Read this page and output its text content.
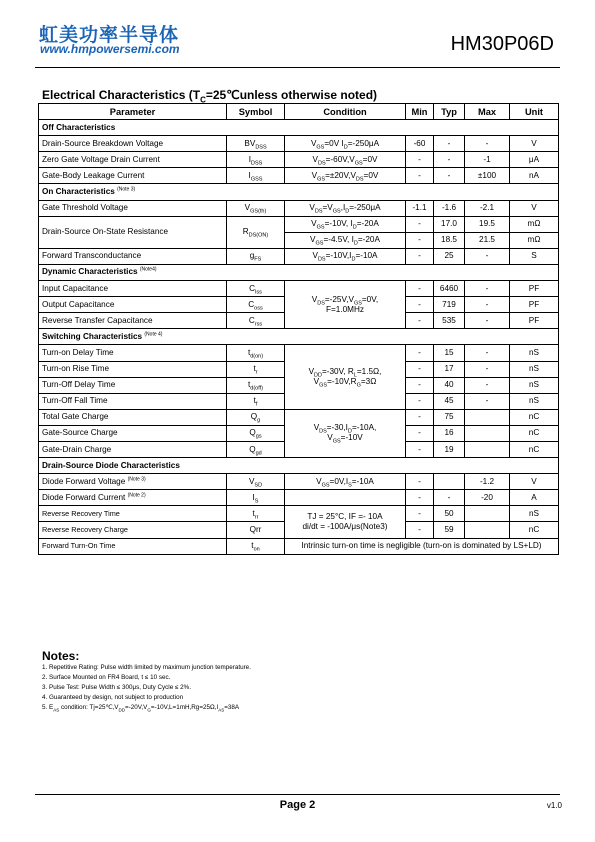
虹美功率半导体
www.hmpowersemi.com	HM30P06D
Electrical Characteristics ($T_C=25℃unless$ otherwise noted)
Parameter	Symbol	Condition	Min	Typ	Max	Unit
Off Characteristics						
Drain-Source Breakdown Voltage	$BV_{DSS}$	$V_{GS}=0V$ $I_D=-250\mu A$	-60	-	-	V
Zero Gate Voltage Drain Current	$I_{DSS}$	$V_{DS}=-60V,V_{GS}=0V$	-	-	-1	μA
Gate-Body Leakage Current	$I_{GSS}$	$V_{GS}=\pm 20V,V_{DS}=0V$	-	-	±100	nA
On Characteristics $^{(Note 3)}$
Gate Threshold Voltage	$V_{GS(th)}$	$V_{DS}=V_{GS},I_D=-250\mu A$	-1.1	-1.6	-2.1	V
Drain-Source On-State Resistance	$R_{DS(ON)}$	$V_{GS}=-10V$, $I_D=-20A$	-	17.0	19.5	mΩ
		$V_{GS}=-4.5V$, $I_D=-20A$	-	18.5	21.5	mΩ
Forward Transconductance	$g_{FS}$	$V_{DS}=-10V,I_D=-10A$	-	25	-	S
Dynamic Characteristics $^{(Note4)}$
Input Capacitance	$C_{lss}$	$V_{DS}=-25V,V_{GS}=0V$,
F=1.0MHz	-	6460	-	PF
Output Capacitance	$C_{oss}$		-	719	-	PF
Reverse Transfer Capacitance	$C_{rss}$		-	535	-	PF
Switching Characteristics $^{(Note 4)}$
Turn-on Delay Time	$t_{d(on)}$	$V_{DD}=-30V$, $R_L=1.5\Omega$,
$V_{GS}=-10V,R_G=3\Omega$	-	15	-	nS
Turn-on Rise Time	$t_r$		-	17	-	nS
Turn-Off Delay Time	$t_{d(off)}$		-	40	-	nS
Turn-Off Fall Time	$t_f$		-	45	-	nS
Total Gate Charge	$Q_g$	$V_{DS}=-30,I_D=-10A$,
$V_{GS}=-10V$	-	75		nC
Gate-Source Charge	$Q_{gs}$		-	16		nC
Gate-Drain Charge	$Q_{gd}$		-	19		nC
Drain-Source Diode Characteristics						
Diode Forward Voltage $^{(Note 3)}$	$V_{SD}$	$V_{GS}=0V,I_S=-10A$	-		-1.2	V
Diode Forward Current $^{(Note 2)}$	$I_S$		-	-	-20	A
Reverse Recovery Time	$t_{rr}$	TJ = 25°C, IF =- 10A
di/dt = -100A/μs(Note3)	-	50		nS
Reverse Recovery Charge	Qrr		-	59		nC
Forward Turn-On Time	$t_{on}$	Intrinsic turn-on time is negligible (turn-on is dominated by LS+LD)				
Notes:
1. Repetitive Rating: Pulse width limited by maximum junction temperature.
2. Surface Mounted on FR4 Board, t ≤ 10 sec.
3. Pulse Test: Pulse Width ≤ 300μs, Duty Cycle ≤ 2%.
4. Guaranteed by design, not subject to production
5. $E_{AS}$ condition: $Tj=25℃,V_{DD}=-20V,V_G=-10V,L=1mH,Rg=25\Omega,I_{AS}=38A$
Page 2	v1.0
